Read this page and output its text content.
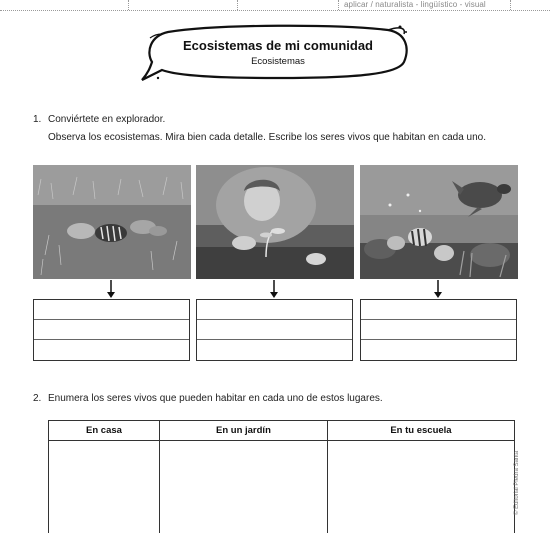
aplicar / naturalista - lingüístico - visual
Ecosistemas de mi comunidad
Ecosistemas
1. Conviértete en explorador.
Observa los ecosistemas. Mira bien cada detalle. Escribe los seres vivos que habitan en cada uno.
2. Enumera los seres vivos que pueden habitar en cada uno de estos lugares.
En casa	En un jardín	En tu escuela

© Editorial Piedra Santa
